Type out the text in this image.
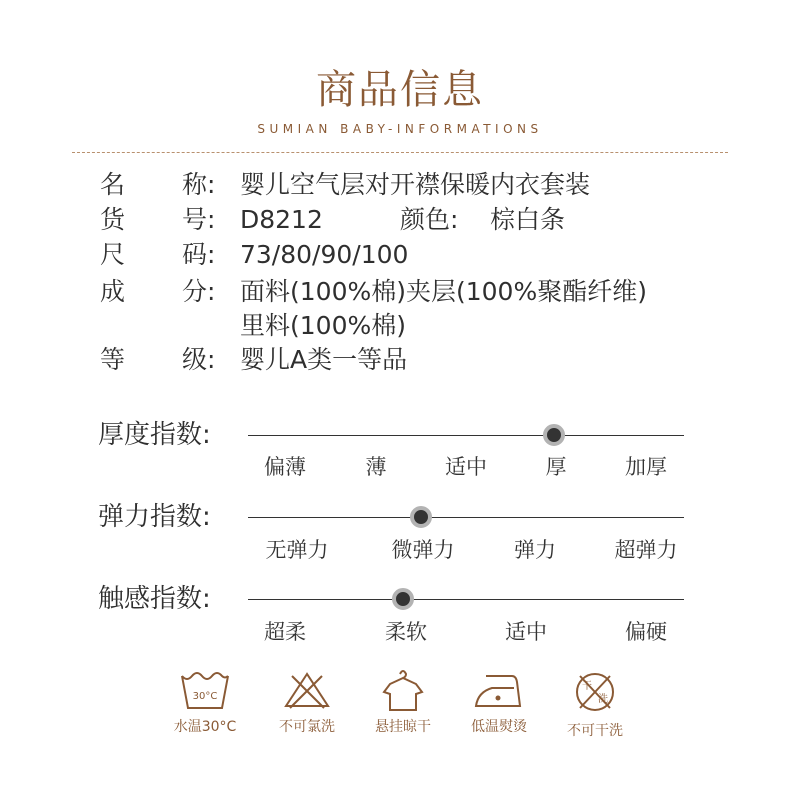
商品信息
SUMIAN BABY-INFORMATIONS
名 称: 婴儿空气层对开襟保暖内衣套装
货 号: D8212	颜色: 棕白条
尺 码: 73/80/90/100
成 分: 面料(100%棉)夹层(100%聚酯纤维)
里料(100%棉)
等 级: 婴儿A类一等品
厚度指数:
偏薄	薄	适中	厚	加厚
弹力指数:
无弹力	微弹力	弹力	超弹力
触感指数:
超柔	柔软	适中	偏硬
30°C
水温30°C	不可氯洗	悬挂晾干	低温熨烫
干
洗
不可干洗
